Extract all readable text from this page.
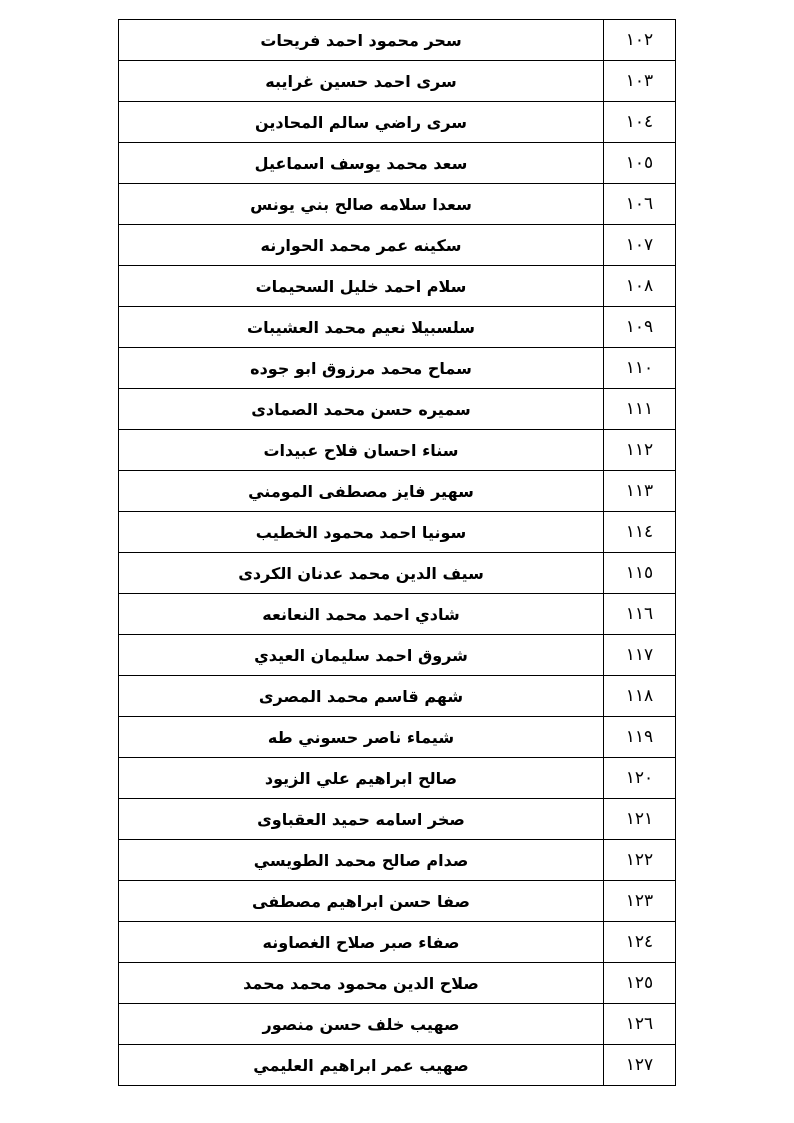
١٠٢	سحر محمود احمد فريحات
١٠٣	سرى احمد حسين غرايبه
١٠٤	سرى راضي سالم المحادين
١٠٥	سعد محمد يوسف اسماعيل
١٠٦	سعدا سلامه صالح بني يونس
١٠٧	سكينه عمر محمد الحوارنه
١٠٨	سلام احمد خليل السحيمات
١٠٩	سلسبيلا نعيم محمد العشيبات
١١٠	سماح محمد مرزوق ابو جوده
١١١	سميره حسن محمد الصمادى
١١٢	سناء احسان فلاح عبيدات
١١٣	سهير فايز مصطفى المومني
١١٤	سونيا احمد محمود الخطيب
١١٥	سيف الدين محمد عدنان الكردى
١١٦	شادي احمد محمد النعانعه
١١٧	شروق احمد سليمان العيدي
١١٨	شهم قاسم محمد المصرى
١١٩	شيماء ناصر حسوني طه
١٢٠	صالح ابراهيم علي الزيود
١٢١	صخر اسامه حميد العقباوى
١٢٢	صدام صالح محمد الطويسي
١٢٣	صفا حسن ابراهيم مصطفى
١٢٤	صفاء صبر صلاح الغصاونه
١٢٥	صلاح الدين محمود محمد محمد
١٢٦	صهيب خلف حسن منصور
١٢٧	صهيب عمر ابراهيم العليمي
